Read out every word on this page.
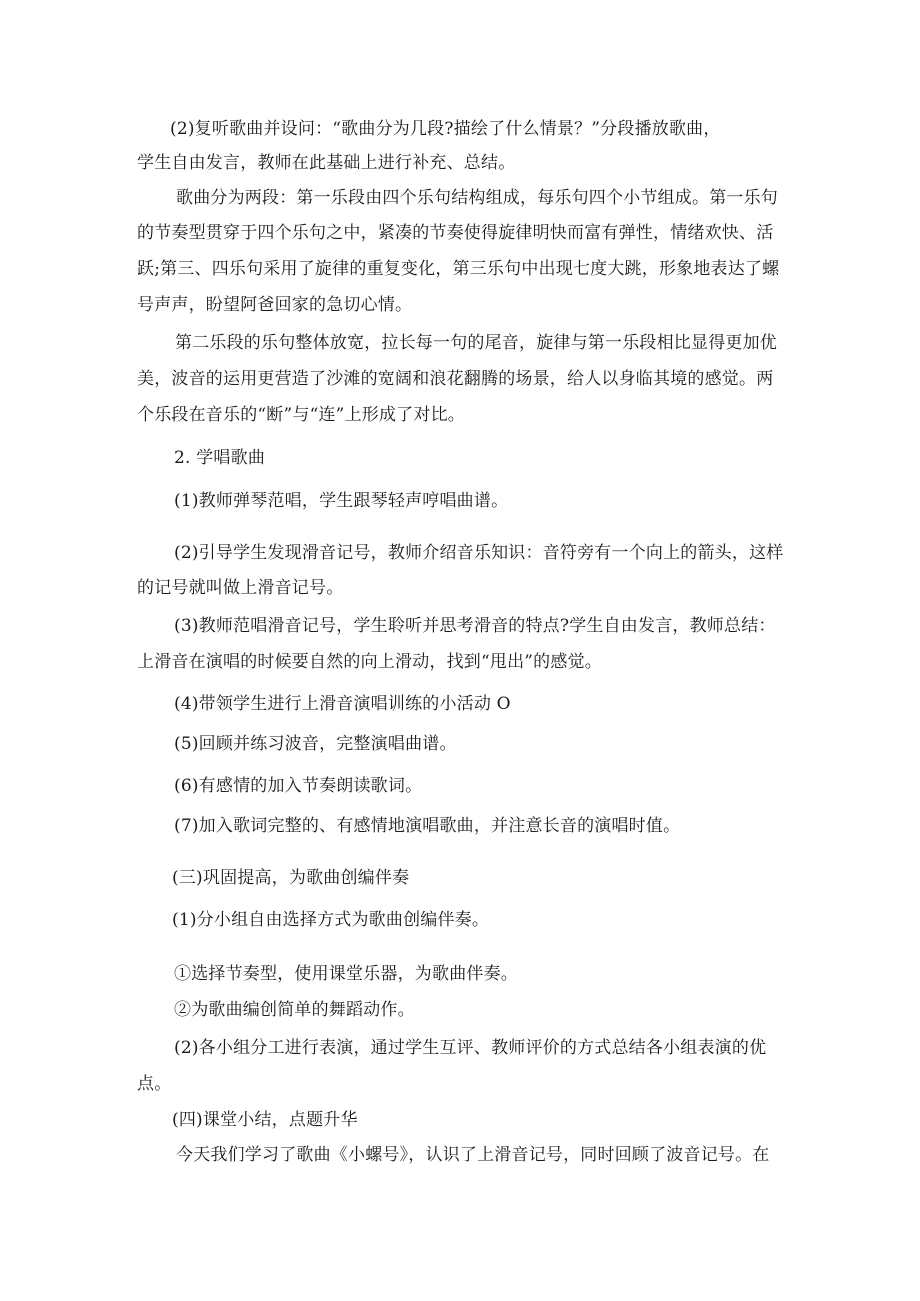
(2)复听歌曲并设问：“歌曲分为几段?描绘了什么情景？”分段播放歌曲，

学生自由发言，教师在此基础上进行补充、总结。

歌曲分为两段：第一乐段由四个乐句结构组成，每乐句四个小节组成。第一乐句

的节奏型贯穿于四个乐句之中，紧凑的节奏使得旋律明快而富有弹性，情绪欢快、活

跃;第三、四乐句采用了旋律的重复变化，第三乐句中出现七度大跳，形象地表达了螺

号声声，盼望阿爸回家的急切心情。

第二乐段的乐句整体放宽，拉长每一句的尾音，旋律与第一乐段相比显得更加优

美，波音的运用更营造了沙滩的宽阔和浪花翻腾的场景，给人以身临其境的感觉。两

个乐段在音乐的“断”与“连”上形成了对比。

2. 学唱歌曲

(1)教师弹琴范唱，学生跟琴轻声哼唱曲谱。

(2)引导学生发现滑音记号，教师介绍音乐知识：音符旁有一个向上的箭头，这样

的记号就叫做上滑音记号。

(3)教师范唱滑音记号，学生聆听并思考滑音的特点?学生自由发言，教师总结：

上滑音在演唱的时候要自然的向上滑动，找到“甩出”的感觉。

(4)带领学生进行上滑音演唱训练的小活动 O

(5)回顾并练习波音，完整演唱曲谱。

(6)有感情的加入节奏朗读歌词。

(7)加入歌词完整的、有感情地演唱歌曲，并注意长音的演唱时值。

(三)巩固提高，为歌曲创编伴奏

(1)分小组自由选择方式为歌曲创编伴奏。

①选择节奏型，使用课堂乐器，为歌曲伴奏。

②为歌曲编创简单的舞蹈动作。

(2)各小组分工进行表演，通过学生互评、教师评价的方式总结各小组表演的优

点。

(四)课堂小结，点题升华

今天我们学习了歌曲《小螺号》，认识了上滑音记号，同时回顾了波音记号。在
